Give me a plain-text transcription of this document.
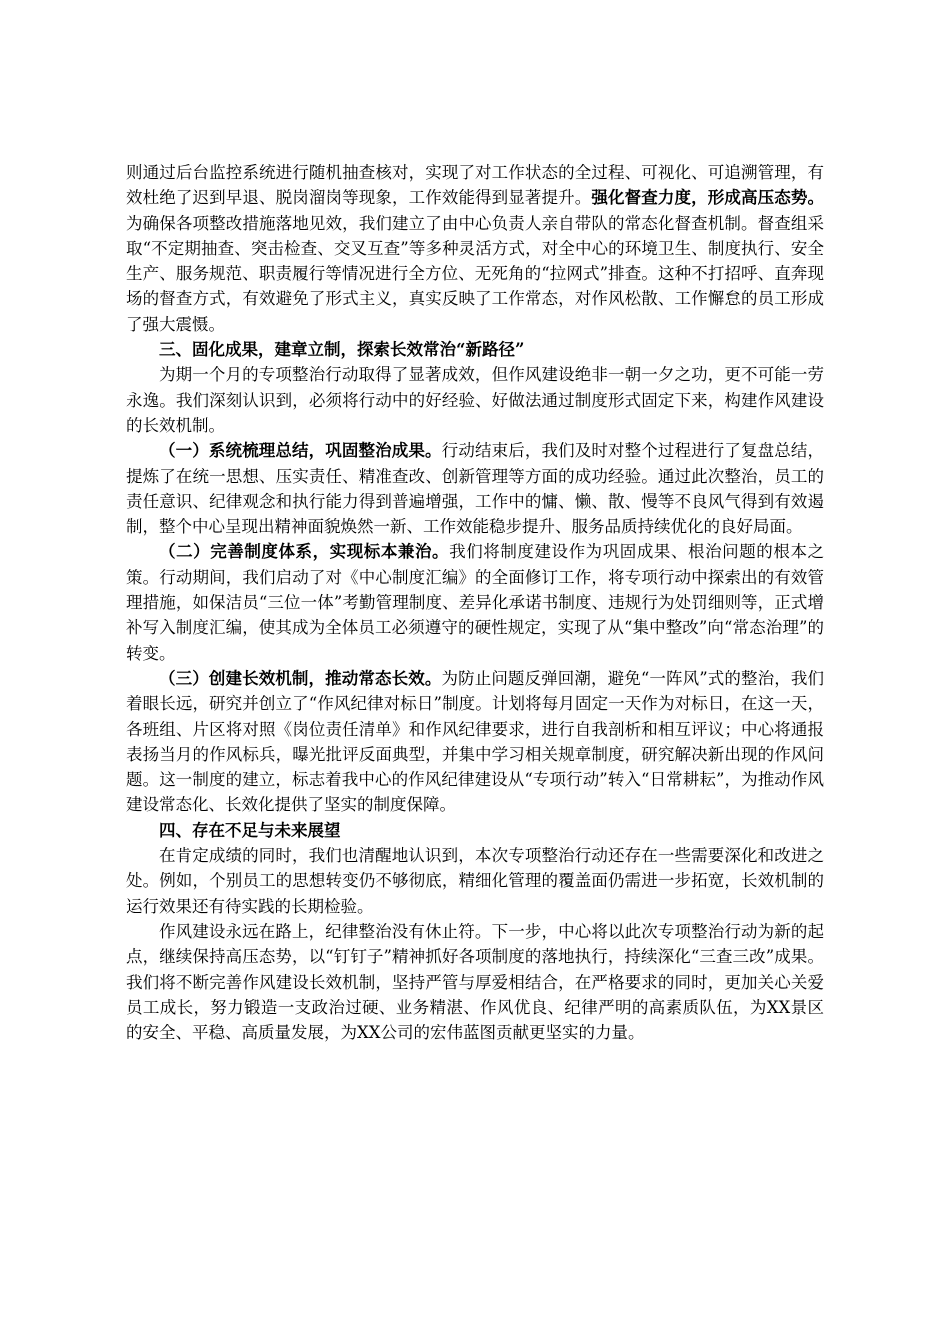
则通过后台监控系统进行随机抽查核对，实现了对工作状态的全过程、可视化、可追溯管理，有效杜绝了迟到早退、脱岗溜岗等现象，工作效能得到显著提升。强化督查力度，形成高压态势。为确保各项整改措施落地见效，我们建立了由中心负责人亲自带队的常态化督查机制。督查组采取“不定期抽查、突击检查、交叉互查”等多种灵活方式，对全中心的环境卫生、制度执行、安全生产、服务规范、职责履行等情况进行全方位、无死角的“拉网式”排查。这种不打招呼、直奔现场的督查方式，有效避免了形式主义，真实反映了工作常态，对作风松散、工作懈怠的员工形成了强大震慑。

三、固化成果，建章立制，探索长效常治“新路径”

为期一个月的专项整治行动取得了显著成效，但作风建设绝非一朝一夕之功，更不可能一劳永逸。我们深刻认识到，必须将行动中的好经验、好做法通过制度形式固定下来，构建作风建设的长效机制。

（一）系统梳理总结，巩固整治成果。行动结束后，我们及时对整个过程进行了复盘总结，提炼了在统一思想、压实责任、精准查改、创新管理等方面的成功经验。通过此次整治，员工的责任意识、纪律观念和执行能力得到普遍增强，工作中的慵、懒、散、慢等不良风气得到有效遏制，整个中心呈现出精神面貌焕然一新、工作效能稳步提升、服务品质持续优化的良好局面。

（二）完善制度体系，实现标本兼治。我们将制度建设作为巩固成果、根治问题的根本之策。行动期间，我们启动了对《中心制度汇编》的全面修订工作，将专项行动中探索出的有效管理措施，如保洁员“三位一体”考勤管理制度、差异化承诺书制度、违规行为处罚细则等，正式增补写入制度汇编，使其成为全体员工必须遵守的硬性规定，实现了从“集中整改”向“常态治理”的转变。

（三）创建长效机制，推动常态长效。为防止问题反弹回潮，避免“一阵风”式的整治，我们着眼长远，研究并创立了“作风纪律对标日”制度。计划将每月固定一天作为对标日，在这一天，各班组、片区将对照《岗位责任清单》和作风纪律要求，进行自我剖析和相互评议；中心将通报表扬当月的作风标兵，曝光批评反面典型，并集中学习相关规章制度，研究解决新出现的作风问题。这一制度的建立，标志着我中心的作风纪律建设从“专项行动”转入“日常耕耘”，为推动作风建设常态化、长效化提供了坚实的制度保障。

四、存在不足与未来展望

在肯定成绩的同时，我们也清醒地认识到，本次专项整治行动还存在一些需要深化和改进之处。例如，个别员工的思想转变仍不够彻底，精细化管理的覆盖面仍需进一步拓宽，长效机制的运行效果还有待实践的长期检验。

作风建设永远在路上，纪律整治没有休止符。下一步，中心将以此次专项整治行动为新的起点，继续保持高压态势，以“钉钉子”精神抓好各项制度的落地执行，持续深化“三查三改”成果。我们将不断完善作风建设长效机制，坚持严管与厚爱相结合，在严格要求的同时，更加关心关爱员工成长，努力锻造一支政治过硬、业务精湛、作风优良、纪律严明的高素质队伍，为XX景区的安全、平稳、高质量发展，为XX公司的宏伟蓝图贡献更坚实的力量。
